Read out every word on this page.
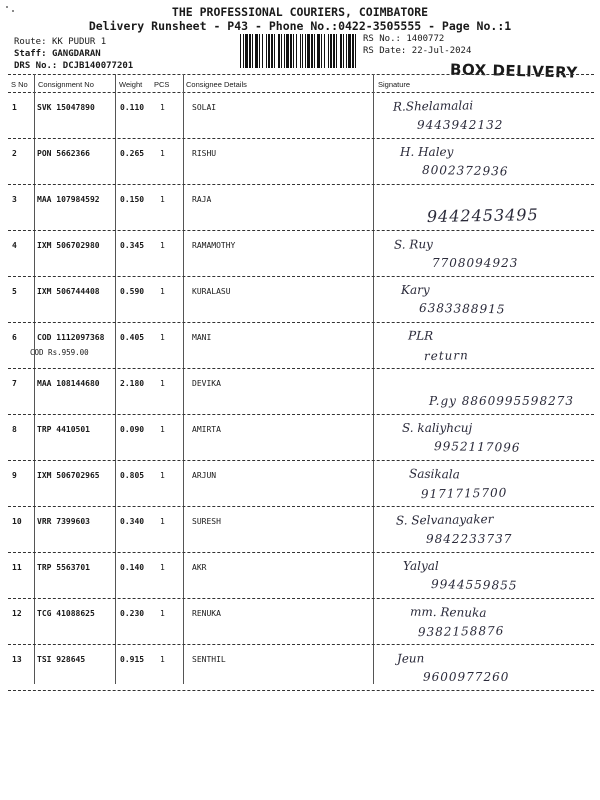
THE PROFESSIONAL COURIERS, COIMBATORE
Delivery Runsheet - P43 - Phone No.:0422-3505555 - Page No.:1
Route: KK PUDUR 1
Staff: GANGDARAN
DRS No.: DCJB140077201
RS No.: 1400772
RS Date: 22-Jul-2024
BOX DELIVERY
S No Consignment No	Weight PCS Consignee Details	Signature
1	SVK 15047890	0.110 1	SOLAI	R.Shelamalai
9443942132
2	PON 5662366	0.265 1	RISHU	H. Haley
8002372936
3	MAA 107984592	0.150 1	RAJA
9442453495
4	IXM 506702980	0.345 1	RAMAMOTHY	S. Ruy
7708094923
5	IXM 506744408	0.590 1	KURALASU	Kary
6383388915
6	COD 1112097368 0.405 1	MANI
COD Rs.959.00
PLR
return
7	MAA 108144680	2.180 1	DEVIKA
P.gy 8860995598273
8	TRP 4410501	0.090 1	AMIRTA	S. kaliyhcuj
9952117096
9	IXM 506702965	0.805 1	ARJUN	Sasikala
9171715700
10 VRR 7399603	0.340 1	SURESH	S. Selvanayaker
9842233737
11 TRP 5563701	0.140 1	AKR	Yalyal
9944559855
12 TCG 41088625	0.230 1	RENUKA	mm. Renuka
9382158876
13 TSI 928645	0.915 1	SENTHIL	Jeun
9600977260
